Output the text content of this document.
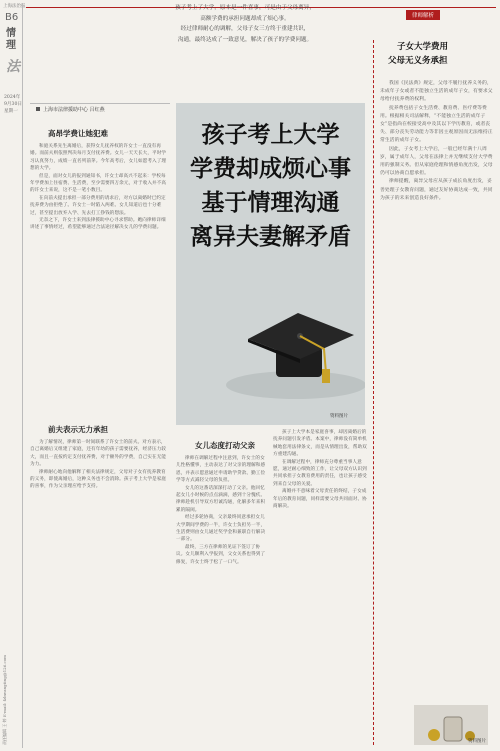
上海法治报
B6
情理
法
2024年
9月30日
星期一
责任编辑 王 婷 E-mail: fzbwangting@126.com
律师解析
孩子考上了大学，原本是一件喜事，可是由于父母离异，
高额学费的承担问题却成了烦心事。
经过律师耐心的调解，父母子女三方终于重建共识，
沟通，最终达成了一致意见，解决了孩子的学费问题。
上海市法律援助中心 吕红燕
高昂学费让她犯难

和庭关系先生离婚后，获得女儿抚养权的许女士一直没有再婚。而前夫则依照判决每月支付抚养费。女儿一天天长大，平时学习认真努力，成绩一直名列前茅。今年高考后，女儿如愿考入了理想的大学。

但是，面对女儿的报到通知书，许女士却高兴不起来：学校每年学费加上住宿费、生活费，至少需要四万余元，对于收入并不高的许女士来说，这不是一笔小数目。

在向前夫提出承担一部分费用的请求后，对方以离婚时已约定抚养费为由拒绝了。许女士一时陷入两难。女儿知道后也十分难过，甚至提出放弃入学、先去打工挣钱的想法。

无奈之下，许女士来到法律援助中心寻求帮助。她向律师详细讲述了事情经过，希望能够通过合法途径解决女儿的学费问题。

前夫表示无力承担

为了解情况，律师第一时间联系了许女士的前夫。对方表示，自己离婚后又组建了家庭，还有年幼的孩子需要抚养，经济压力较大，而且一直按约定支付抚养费，对于额外的学费，自己实在无能为力。

律师耐心地向他解释了相关法律规定，父母对子女有抚养教育的义务，即使离婚后，这种义务也不会消除。孩子考上大学是家庭的喜事，作为父亲理应给予支持。

孩子考上大学
学费却成烦心事
基于情理沟通
离异夫妻解矛盾
资料图片
女儿态度打动父亲

律师在调解过程中注意到，许女士的女儿性格懂事，主动表达了对父亲的理解和感恩，并表示愿意通过申请助学贷款、勤工俭学等方式减轻父母的负担。

女儿的这番话深深打动了父亲。他回忆起女儿小时候的点点滴滴，感到十分愧疚。律师趁机引导双方坦诚沟通，化解多年来积累的隔阂。

经过多轮协商，父亲最终同意承担女儿大学期间学费的一半，许女士负担另一半，生活费则由女儿通过奖学金和兼职自行解决一部分。

最终，三方在律师的见证下签订了协议。女儿顺利入学报到，父女关系也得到了修复，许女士终于松了一口气。

孩子上大学本是家庭喜事，却因离婚后的抚养问题引发矛盾。本案中，律师没有简单机械地套用法律条文，而是从情理出发，帮助双方重建沟通。

在调解过程中，律师充分尊重当事人意愿，通过耐心细致的工作，让父母双方认识到共同承担子女教育费用的责任，也让孩子感受到来自父母的关爱。

离婚并不意味着父母责任的终结，子女成年后的教育问题，同样需要父母共同面对、协商解决。

子女大学费用
父母无义务承担

我国《民法典》规定，父母不履行抚养义务的，未成年子女或者不能独立生活的成年子女，有要求父母给付抚养费的权利。

抚养费包括子女生活费、教育费、医疗费等费用。根据相关司法解释，“不能独立生活的成年子女”是指尚在校接受高中及其以下学历教育，或者丧失、部分丧失劳动能力等非因主观原因而无法维持正常生活的成年子女。

因此，子女考上大学后，一般已经年满十八周岁，属于成年人，父母在法律上并无继续支付大学费用的强制义务。但从家庭伦理和情感角度出发，父母仍可以协商自愿承担。

律师提醒，离异父母应从孩子成长角度出发，妥善处理子女教育问题，通过友好协商达成一致，共同为孩子的未来创造良好条件。

资料图片
